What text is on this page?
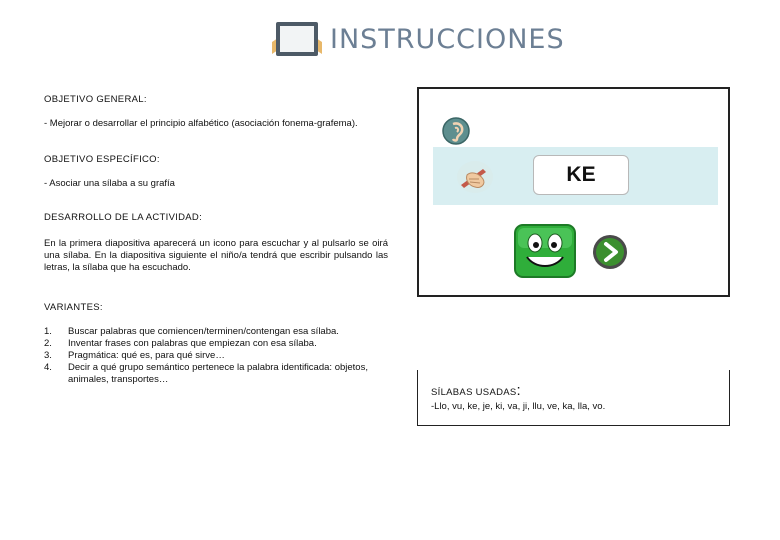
INSTRUCCIONES
OBJETIVO GENERAL:
- Mejorar o desarrollar el principio alfabético (asociación fonema-grafema).
OBJETIVO ESPECÍFICO:
- Asociar una sílaba a su grafía
DESARROLLO DE LA ACTIVIDAD:
En la primera diapositiva aparecerá un icono para escuchar y al pulsarlo se oirá una sílaba. En la diapositiva siguiente el niño/a tendrá que escribir pulsando las letras, la sílaba que ha escuchado.
VARIANTES:
1. Buscar palabras que comiencen/terminen/contengan esa sílaba.
2. Inventar frases con palabras que empiezan con esa sílaba.
3. Pragmática: qué es, para qué sirve…
4. Decir a qué grupo semántico pertenece la palabra identificada: objetos, animales, transportes…
KE
SÍLABAS USADAS:
-Llo, vu, ke, je, ki, va, ji, llu, ve, ka, lla, vo.
